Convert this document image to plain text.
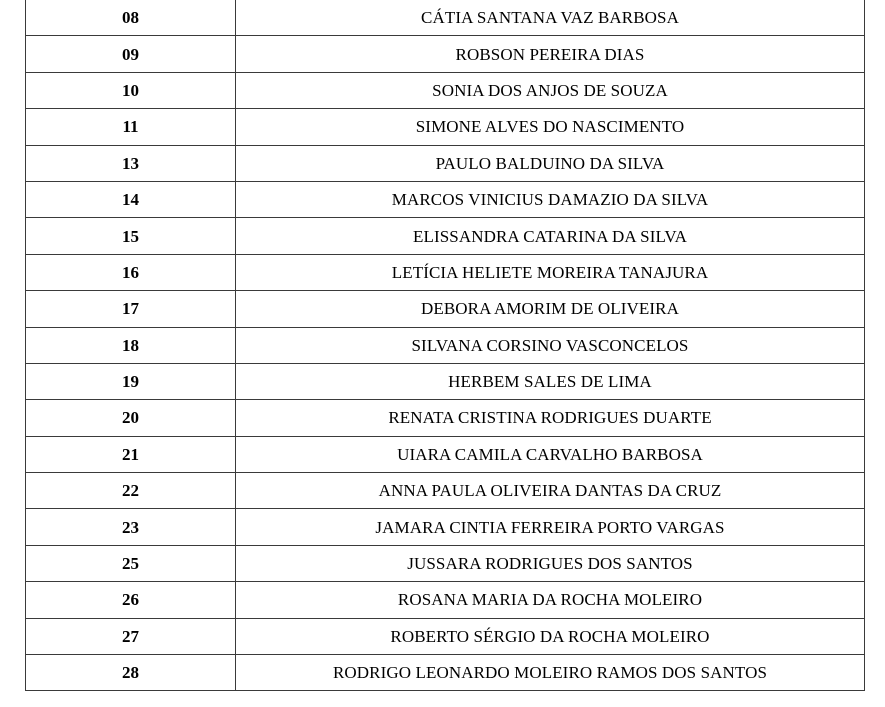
08	CÁTIA SANTANA VAZ BARBOSA
09	ROBSON PEREIRA DIAS
10	SONIA DOS ANJOS DE SOUZA
11	SIMONE ALVES DO NASCIMENTO
13	PAULO BALDUINO DA SILVA
14	MARCOS VINICIUS DAMAZIO DA SILVA
15	ELISSANDRA CATARINA DA SILVA
16	LETÍCIA HELIETE MOREIRA TANAJURA
17	DEBORA AMORIM DE OLIVEIRA
18	SILVANA CORSINO VASCONCELOS
19	HERBEM SALES DE LIMA
20	RENATA CRISTINA RODRIGUES DUARTE
21	UIARA CAMILA CARVALHO BARBOSA
22	ANNA PAULA OLIVEIRA DANTAS DA CRUZ
23	JAMARA CINTIA FERREIRA PORTO VARGAS
25	JUSSARA RODRIGUES DOS SANTOS
26	ROSANA MARIA DA ROCHA MOLEIRO
27	ROBERTO SÉRGIO DA ROCHA MOLEIRO
28	RODRIGO LEONARDO MOLEIRO RAMOS DOS SANTOS
